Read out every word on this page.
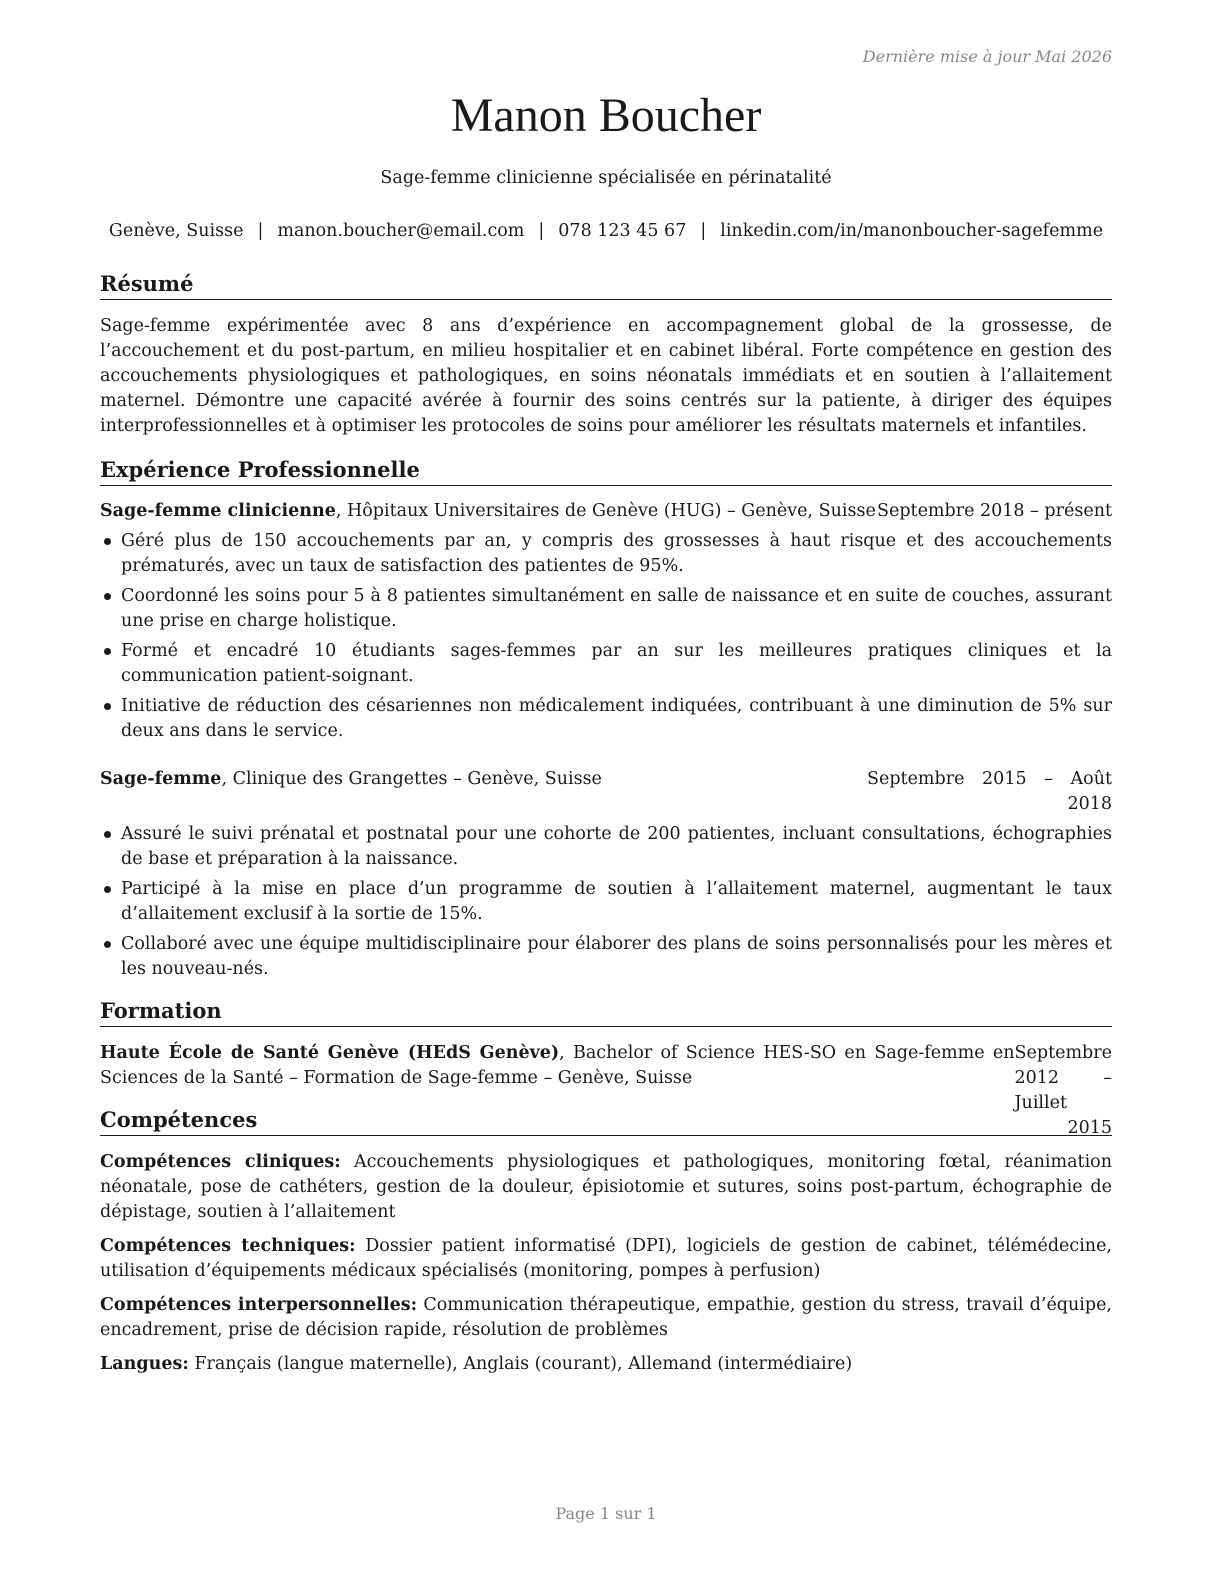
Dernière mise à jour Mai 2026
Manon Boucher
Sage-femme clinicienne spécialisée en périnatalité
Genève, Suisse | manon.boucher@email.com | 078 123 45 67 | linkedin.com/in/manonboucher-sagefemme
Résumé
Sage-femme expérimentée avec 8 ans d’expérience en accompagnement global de la grossesse, de l’accouchement et du post-partum, en milieu hospitalier et en cabinet libéral. Forte compétence en gestion des accouchements physiologiques et pathologiques, en soins néonatals immédiats et en soutien à l’allaitement maternel. Démontre une capacité avérée à fournir des soins centrés sur la patiente, à diriger des équipes interprofessionnelles et à optimiser les protocoles de soins pour améliorer les résultats maternels et infantiles.
Expérience Professionnelle
Sage-femme clinicienne, Hôpitaux Universitaires de Genève (HUG) – Genève, Suisse Septembre 2018 – présent
Géré plus de 150 accouchements par an, y compris des grossesses à haut risque et des accouchements prématurés, avec un taux de satisfaction des patientes de 95%.
Coordonné les soins pour 5 à 8 patientes simultanément en salle de naissance et en suite de couches, assurant une prise en charge holistique.
Formé et encadré 10 étudiants sages-femmes par an sur les meilleures pratiques cliniques et la communication patient-soignant.
Initiative de réduction des césariennes non médicalement indiquées, contribuant à une diminution de 5% sur deux ans dans le service.
Sage-femme, Clinique des Grangettes – Genève, Suisse	Septembre 2015 – Août 2018
Assuré le suivi prénatal et postnatal pour une cohorte de 200 patientes, incluant consultations, échographies de base et préparation à la naissance.
Participé à la mise en place d’un programme de soutien à l’allaitement maternel, augmentant le taux d’allaitement exclusif à la sortie de 15%.
Collaboré avec une équipe multidisciplinaire pour élaborer des plans de soins personnalisés pour les mères et les nouveau-nés.
Formation
Haute École de Santé Genève (HEdS Genève), Bachelor of Science HES-SO en Sage-femme en Sciences de la Santé – Formation de Sage-femme – Genève, Suisse
Septembre 2012 – Juillet 2015
Compétences
Compétences cliniques: Accouchements physiologiques et pathologiques, monitoring fœtal, réanimation néonatale, pose de cathéters, gestion de la douleur, épisiotomie et sutures, soins post-partum, échographie de dépistage, soutien à l’allaitement
Compétences techniques: Dossier patient informatisé (DPI), logiciels de gestion de cabinet, télémédecine, utilisation d’équipements médicaux spécialisés (monitoring, pompes à perfusion)
Compétences interpersonnelles: Communication thérapeutique, empathie, gestion du stress, travail d’équipe, encadrement, prise de décision rapide, résolution de problèmes
Langues: Français (langue maternelle), Anglais (courant), Allemand (intermédiaire)
Page 1 sur 1
